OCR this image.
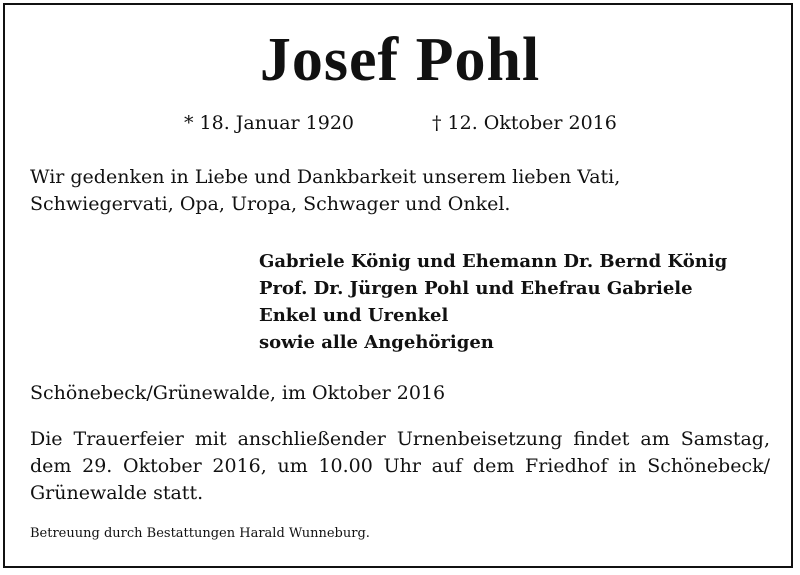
Josef Pohl
* 18. Januar 1920	† 12. Oktober 2016
Wir gedenken in Liebe und Dankbarkeit unserem lieben Vati,
Schwiegervati, Opa, Uropa, Schwager und Onkel.
Gabriele König und Ehemann Dr. Bernd König
Prof. Dr. Jürgen Pohl und Ehefrau Gabriele
Enkel und Urenkel
sowie alle Angehörigen
Schönebeck/Grünewalde, im Oktober 2016
Die Trauerfeier mit anschließender Urnenbeisetzung findet am Samstag,
dem 29. Oktober 2016, um 10.00 Uhr auf dem Friedhof in Schönebeck/
Grünewalde statt.
Betreuung durch Bestattungen Harald Wunneburg.
